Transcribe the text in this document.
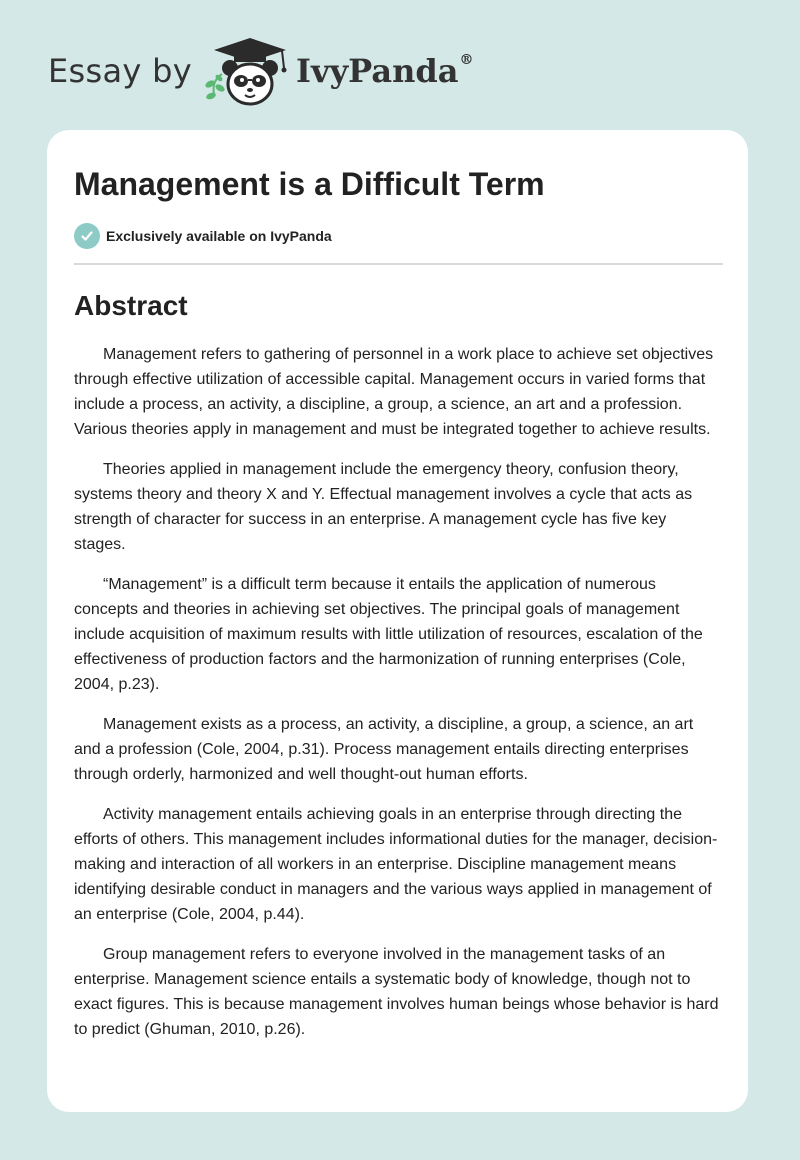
Essay by	IvyPanda®
Management is a Difficult Term
Exclusively available on IvyPanda
Abstract

Management refers to gathering of personnel in a work place to achieve set objectives through effective utilization of accessible capital. Management occurs in varied forms that include a process, an activity, a discipline, a group, a science, an art and a profession. Various theories apply in management and must be integrated together to achieve results.

Theories applied in management include the emergency theory, confusion theory, systems theory and theory X and Y. Effectual management involves a cycle that acts as strength of character for success in an enterprise. A management cycle has five key stages.

“Management” is a difficult term because it entails the application of numerous concepts and theories in achieving set objectives. The principal goals of management include acquisition of maximum results with little utilization of resources, escalation of the effectiveness of production factors and the harmonization of running enterprises (Cole, 2004, p.23).

Management exists as a process, an activity, a discipline, a group, a science, an art and a profession (Cole, 2004, p.31). Process management entails directing enterprises through orderly, harmonized and well thought-out human efforts.

Activity management entails achieving goals in an enterprise through directing the efforts of others. This management includes informational duties for the manager, decision-making and interaction of all workers in an enterprise. Discipline management means identifying desirable conduct in managers and the various ways applied in management of an enterprise (Cole, 2004, p.44).

Group management refers to everyone involved in the management tasks of an enterprise. Management science entails a systematic body of knowledge, though not to exact figures. This is because management involves human beings whose behavior is hard to predict (Ghuman, 2010, p.26).
